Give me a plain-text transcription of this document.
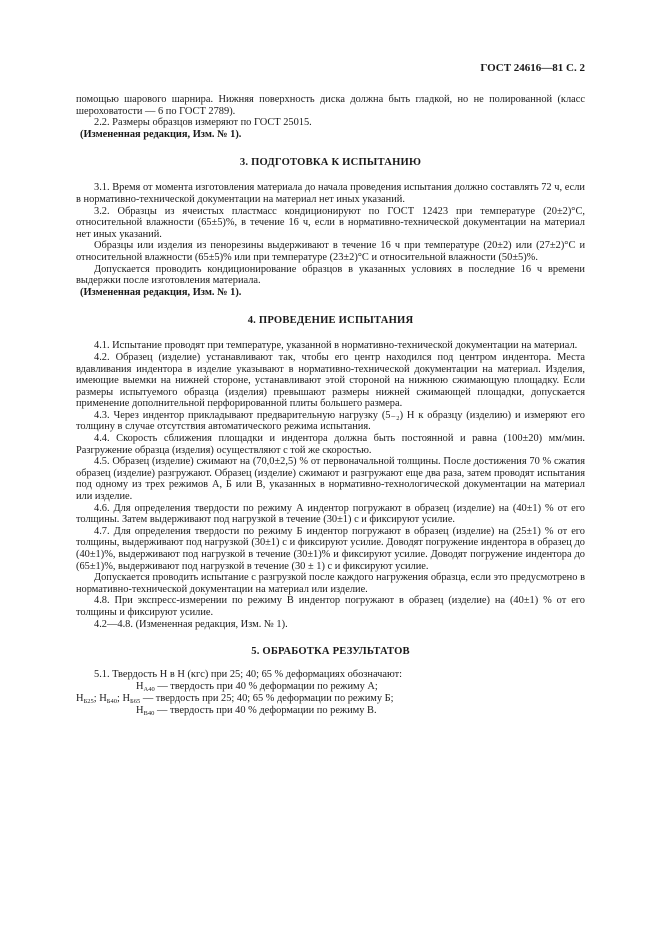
ГОСТ 24616—81 С. 2

помощью шарового шарнира. Нижняя поверхность диска должна быть гладкой, но не полированной (класс шероховатости — 6 по ГОСТ 2789).

2.2. Размеры образцов измеряют по ГОСТ 25015.

(Измененная редакция, Изм. № 1).

3. ПОДГОТОВКА К ИСПЫТАНИЮ

3.1. Время от момента изготовления материала до начала проведения испытания должно составлять 72 ч, если в нормативно-технической документации на материал нет иных указаний.

3.2. Образцы из ячеистых пластмасс кондиционируют по ГОСТ 12423 при температуре (20±2)°С, относительной влажности (65±5)%, в течение 16 ч, если в нормативно-технической документации на материал нет иных указаний.

Образцы или изделия из пенорезины выдерживают в течение 16 ч при температуре (20±2) или (27±2)°С и относительной влажности (65±5)% или при температуре (23±2)°С и относительной влажности (50±5)%.

Допускается проводить кондиционирование образцов в указанных условиях в последние 16 ч времени выдержки после изготовления материала.

(Измененная редакция, Изм. № 1).

4. ПРОВЕДЕНИЕ ИСПЫТАНИЯ

4.1. Испытание проводят при температуре, указанной в нормативно-технической документации на материал.

4.2. Образец (изделие) устанавливают так, чтобы его центр находился под центром индентора. Места вдавливания индентора в изделие указывают в нормативно-технической документации на материал. Изделия, имеющие выемки на нижней стороне, устанавливают этой стороной на нижнюю сжимающую площадку. Если размеры испытуемого образца (изделия) превышают размеры нижней сжимающей площадки, допускается применение дополнительной перфорированной плиты большего размера.

4.3. Через индентор прикладывают предварительную нагрузку (5₋₂) Н к образцу (изделию) и измеряют его толщину в случае отсутствия автоматического режима испытания.

4.4. Скорость сближения площадки и индентора должна быть постоянной и равна (100±20) мм/мин. Разгружение образца (изделия) осуществляют с той же скоростью.

4.5. Образец (изделие) сжимают на (70,0±2,5) % от первоначальной толщины. После достижения 70 % сжатия образец (изделие) разгружают. Образец (изделие) сжимают и разгружают еще два раза, затем проводят испытания под одному из трех режимов А, Б или В, указанных в нормативно-технологической документации на материал или изделие.

4.6. Для определения твердости по режиму А индентор погружают в образец (изделие) на (40±1) % от его толщины. Затем выдерживают под нагрузкой в течение (30±1) с и фиксируют усилие.

4.7. Для определения твердости по режиму Б индентор погружают в образец (изделие) на (25±1) % от его толщины, выдерживают под нагрузкой (30±1) с и фиксируют усилие. Доводят погружение индентора в образец до (40±1)%, выдерживают под нагрузкой в течение (30±1)% и фиксируют усилие. Доводят погружение индентора до (65±1)%, выдерживают под нагрузкой в течение (30 ± 1) с и фиксируют усилие.

Допускается проводить испытание с разгрузкой после каждого нагружения образца, если это предусмотрено в нормативно-технической документации на материал или изделие.

4.8. При экспресс-измерении по режиму В индентор погружают в образец (изделие) на (40±1) % от его толщины и фиксируют усилие.

4.2—4.8. (Измененная редакция, Изм. № 1).

5. ОБРАБОТКА РЕЗУЛЬТАТОВ

5.1. Твердость Н в Н (кгс) при 25; 40; 65 % деформациях обозначают:

$Н_{А40}$ — твердость при 40 % деформации по режиму А;
$Н_{Б25}$; $Н_{Б40}$; $Н_{Б65}$ — твердость при 25; 40; 65 % деформации по режиму Б;
$Н_{В40}$ — твердость при 40 % деформации по режиму В.
